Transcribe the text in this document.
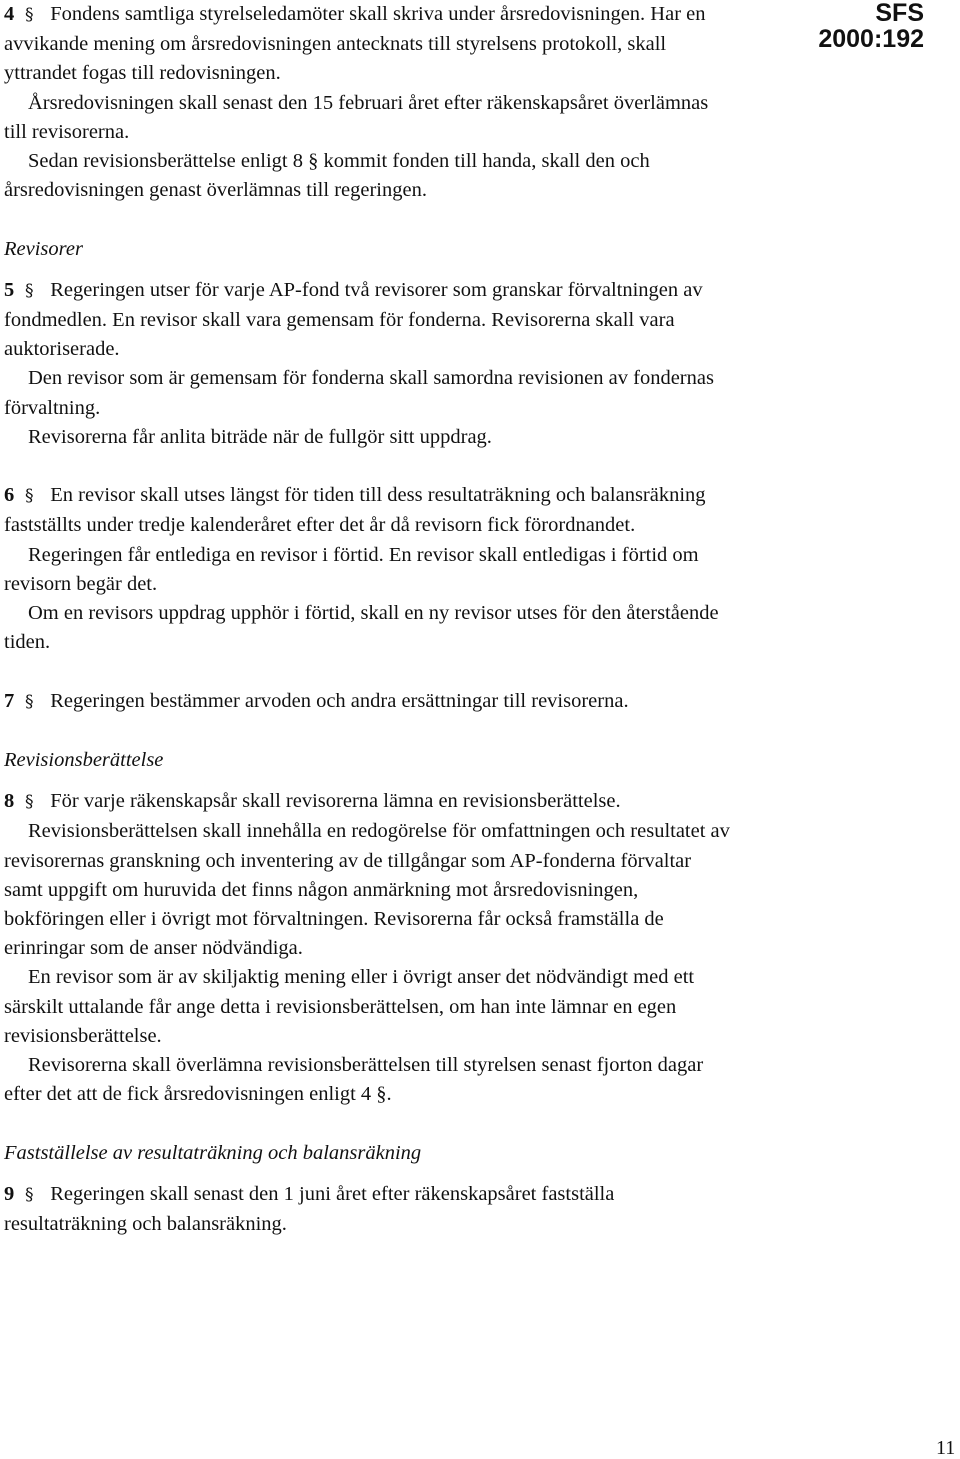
SFS 2000:192

4 § Fondens samtliga styrelseledamöter skall skriva under årsredovisningen. Har en avvikande mening om årsredovisningen antecknats till styrelsens protokoll, skall yttrandet fogas till redovisningen.

Årsredovisningen skall senast den 15 februari året efter räkenskapsåret överlämnas till revisorerna.

Sedan revisionsberättelse enligt 8 § kommit fonden till handa, skall den och årsredovisningen genast överlämnas till regeringen.

Revisorer

5 § Regeringen utser för varje AP-fond två revisorer som granskar förvaltningen av fondmedlen. En revisor skall vara gemensam för fonderna. Revisorerna skall vara auktoriserade.

Den revisor som är gemensam för fonderna skall samordna revisionen av fondernas förvaltning.

Revisorerna får anlita biträde när de fullgör sitt uppdrag.

6 § En revisor skall utses längst för tiden till dess resultaträkning och balansräkning fastställts under tredje kalenderåret efter det år då revisorn fick förordnandet.

Regeringen får entlediga en revisor i förtid. En revisor skall entledigas i förtid om revisorn begär det.

Om en revisors uppdrag upphör i förtid, skall en ny revisor utses för den återstående tiden.

7 § Regeringen bestämmer arvoden och andra ersättningar till revisorerna.

Revisionsberättelse

8 § För varje räkenskapsår skall revisorerna lämna en revisionsberättelse.

Revisionsberättelsen skall innehålla en redogörelse för omfattningen och resultatet av revisorernas granskning och inventering av de tillgångar som AP-fonderna förvaltar samt uppgift om huruvida det finns någon anmärkning mot årsredovisningen, bokföringen eller i övrigt mot förvaltningen. Revisorerna får också framställa de erinringar som de anser nödvändiga.

En revisor som är av skiljaktig mening eller i övrigt anser det nödvändigt med ett särskilt uttalande får ange detta i revisionsberättelsen, om han inte lämnar en egen revisionsberättelse.

Revisorerna skall överlämna revisionsberättelsen till styrelsen senast fjorton dagar efter det att de fick årsredovisningen enligt 4 §.

Fastställelse av resultaträkning och balansräkning

9 § Regeringen skall senast den 1 juni året efter räkenskapsåret fastställa resultaträkning och balansräkning.

11
